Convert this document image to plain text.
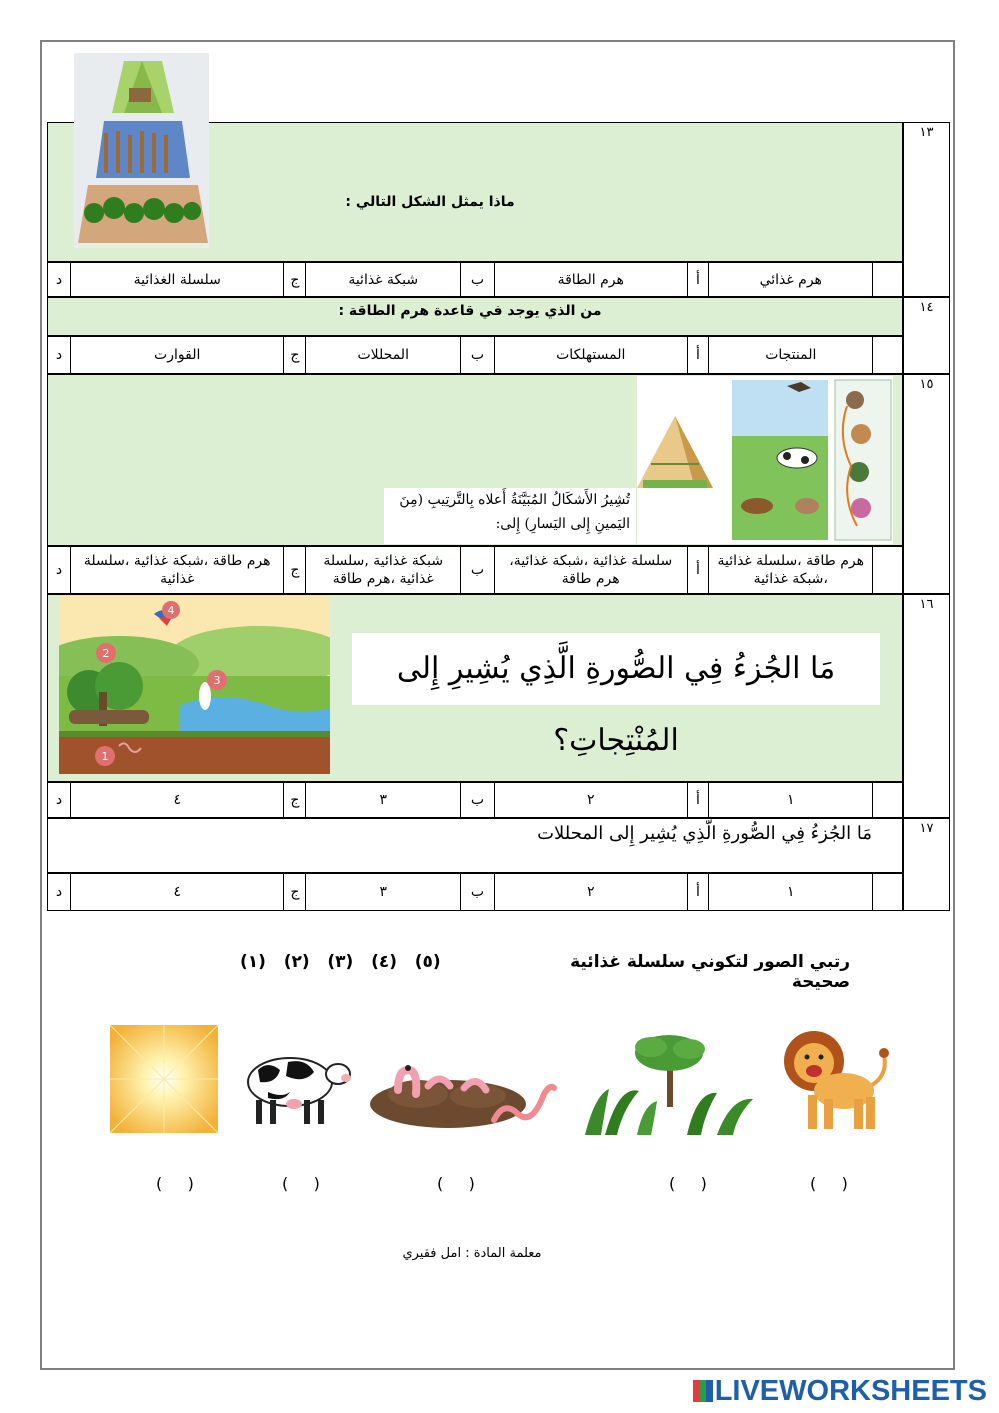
١٣
ماذا يمثل الشكل التالي :
د	سلسلة الغذائية	ج	شبكة غذائية	ب	هرم الطاقة	أ	هرم غذائي
١٤
من الذي يوجد في قاعدة هرم الطاقة :
د	القوارت	ج	المحللات	ب	المستهلكات	أ	المنتجات
١٥
تُشِيرُ الأَشكَالُ المُبَيَّنَةُ أَعلاه بِالتَّرتِيبِ (مِنَ اليَمينِ إِلى اليَسارِ) إِلى:
د
هرم طاقة ،شبكة غذائية ،سلسلة غذائية
ج
شبكة غذائية ,سلسلة غذائية ،هرم طاقة
ب
سلسلة غذائية ،شبكة غذائية، هرم طاقة
أ
هرم طاقة ،سلسلة غذائية ،شبكة غذائية
١٦
1
2
3
4
مَا الجُزءُ فِي الصُّورةِ الَّذِي يُشِيرِ إِلى المُنْتِجاتِ؟
د	٤	ج	٣	ب	٢	أ	١
١٧
مَا الجُزءُ فِي الصُّورةِ الَّذِي يُشِير إِلى المحللات
د	٤	ج	٣	ب	٢	أ	١
رتبي الصور لتكوني سلسلة غذائية صحيحة
(١)   (٢)   (٣)   (٤)   (٥)
(     )	(     )	(     )	(     )	(     )
معلمة المادة : امل فقيري
LIVEWORKSHEETS
